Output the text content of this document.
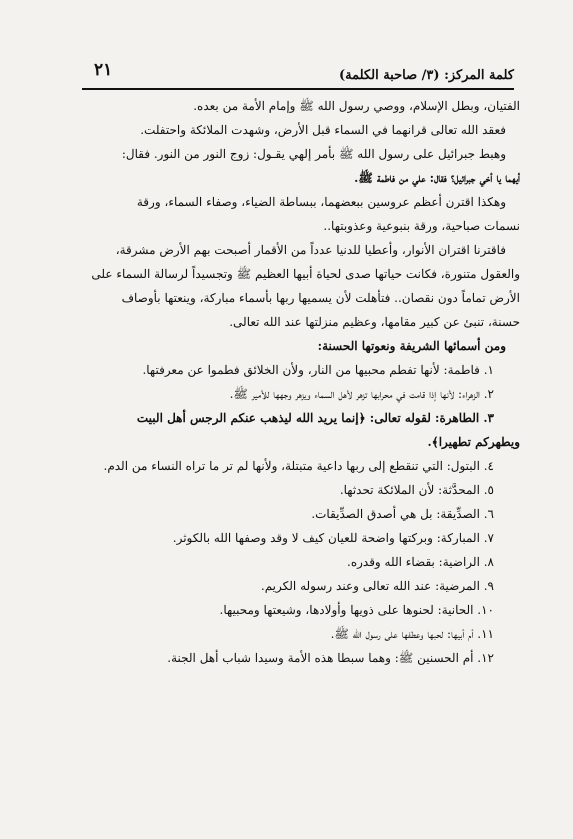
كلمة المركز: (٣/ صاحبة الكلمة)
٢١
الفتيان، وبطل الإسلام، ووصي رسول الله ﷺ وإمام الأمة من بعده.
فعقد الله تعالى قرانهما في السماء قبل الأرض، وشهدت الملائكة واحتفلت.
وهبط جبرائيل على رسول الله ﷺ بأمر إلهي يقـول: زوج النور من النور. فقال:
أيهما يا أخي جبرائيل؟ فقال: علي من فاطمة ﷺ.
وهكذا اقترن أعظم عروسين ببعضهما، ببساطة الضياء، وصفاء السماء، ورقة
نسمات صباحية، ورقة بنبوعية وعذوبتها..
فاقترنا اقتران الأنوار، وأعطيا للدنيا عدداً من الأقمار أصبحت بهم الأرض مشرقة،
والعقول متنورة، فكانت حياتها صدى لحياة أبيها العظيم ﷺ وتجسيداً لرسالة السماء على
الأرض تماماً دون نقصان.. فتأهلت لأن يسميها ربها بأسماء مباركة، وينعتها بأوصاف
حسنة، تنبئ عن كبير مقامها، وعظيم منزلتها عند الله تعالى.
ومن أسمائها الشريفة ونعوتها الحسنة:
١. فاطمة: لأنها تفطم محبيها من النار، ولأن الخلائق فطموا عن معرفتها.
٢. الزهراء: لأنها إذا قامت في محرابها تزهر لأهل السماء ويزهر وجهها للأمير ﷺ.
٣. الطاهرة: لقوله تعالى: ﴿إنما يريد الله ليذهب عنكم الرجس أهل البيت
ويطهركم تطهيرا﴾.
٤. البتول: التي تنقطع إلى ربها داعية متبتلة، ولأنها لم تر ما تراه النساء من الدم.
٥. المحدَّثة: لأن الملائكة تحدثها.
٦. الصدِّيقة: بل هي أصدق الصدِّيقات.
٧. المباركة: وبركتها واضحة للعيان كيف لا وقد وصفها الله بالكوثر.
٨. الراضية: بقضاء الله وقدره.
٩. المرضية: عند الله تعالى وعند رسوله الكريم.
١٠. الحانية: لحنوها على ذويها وأولادها، وشيعتها ومحبيها.
١١. أم أبيها: لحبها وعطفها على رسول الله ﷺ.
١٢. أم الحسنين ﷺ: وهما سبطا هذه الأمة وسيدا شباب أهل الجنة.
